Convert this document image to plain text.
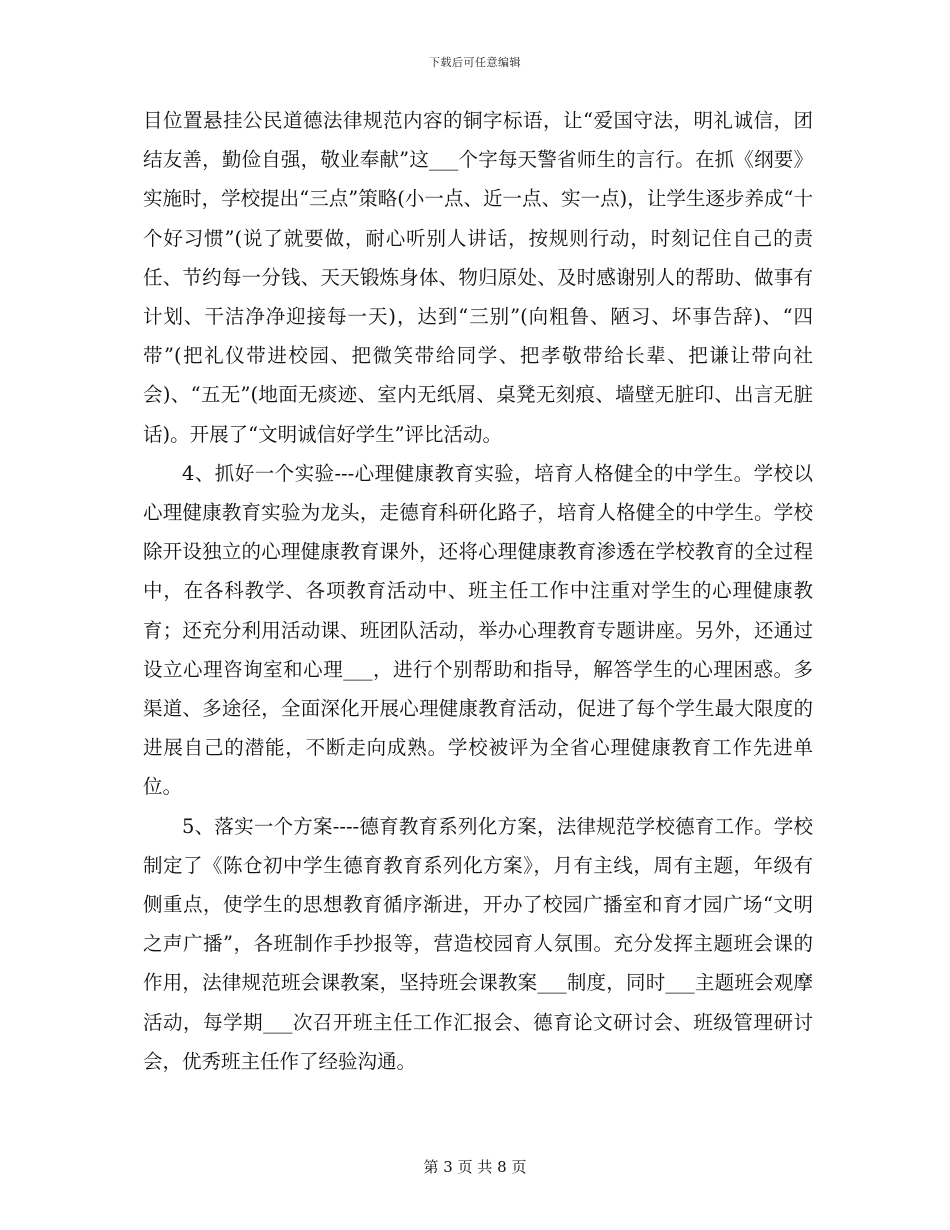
下载后可任意编辑

目位置悬挂公民道德法律规范内容的铜字标语，让“爱国守法，明礼诚信，团结友善，勤俭自强，敬业奉献”这___个字每天警省师生的言行。在抓《纲要》实施时，学校提出“三点”策略(小一点、近一点、实一点)，让学生逐步养成“十个好习惯”(说了就要做，耐心听别人讲话，按规则行动，时刻记住自己的责任、节约每一分钱、天天锻炼身体、物归原处、及时感谢别人的帮助、做事有计划、干洁净净迎接每一天)，达到“三别”(向粗鲁、陋习、坏事告辞)、“四带”(把礼仪带进校园、把微笑带给同学、把孝敬带给长辈、把谦让带向社会)、“五无”(地面无痰迹、室内无纸屑、桌凳无刻痕、墙壁无脏印、出言无脏话)。开展了“文明诚信好学生”评比活动。

4、抓好一个实验---心理健康教育实验，培育人格健全的中学生。学校以心理健康教育实验为龙头，走德育科研化路子，培育人格健全的中学生。学校除开设独立的心理健康教育课外，还将心理健康教育渗透在学校教育的全过程中，在各科教学、各项教育活动中、班主任工作中注重对学生的心理健康教育；还充分利用活动课、班团队活动，举办心理教育专题讲座。另外，还通过设立心理咨询室和心理___，进行个别帮助和指导，解答学生的心理困惑。多渠道、多途径，全面深化开展心理健康教育活动，促进了每个学生最大限度的进展自己的潜能，不断走向成熟。学校被评为全省心理健康教育工作先进单位。

5、落实一个方案----德育教育系列化方案，法律规范学校德育工作。学校制定了《陈仓初中学生德育教育系列化方案》，月有主线，周有主题，年级有侧重点，使学生的思想教育循序渐进，开办了校园广播室和育才园广场“文明之声广播”，各班制作手抄报等，营造校园育人氛围。充分发挥主题班会课的作用，法律规范班会课教案，坚持班会课教案___制度，同时___主题班会观摩活动，每学期___次召开班主任工作汇报会、德育论文研讨会、班级管理研讨会，优秀班主任作了经验沟通。

第 3 页 共 8 页
